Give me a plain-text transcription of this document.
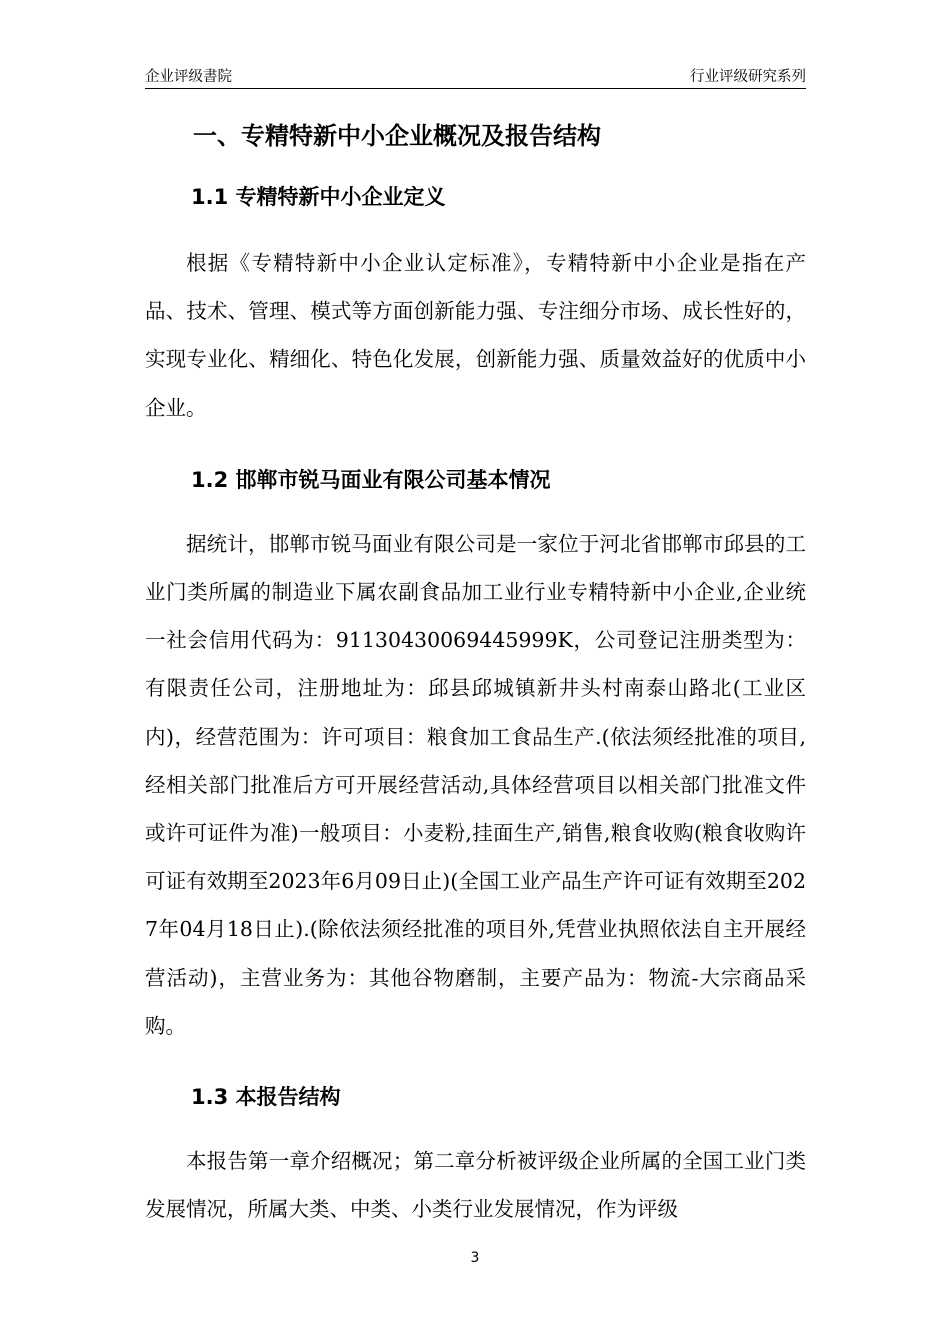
企业评级書院	行业评级研究系列
一、专精特新中小企业概况及报告结构
1.1 专精特新中小企业定义

根据《专精特新中小企业认定标准》，专精特新中小企业是指在产品、技术、管理、模式等方面创新能力强、专注细分市场、成长性好的，实现专业化、精细化、特色化发展，创新能力强、质量效益好的优质中小企业。

1.2 邯郸市锐马面业有限公司基本情况

据统计，邯郸市锐马面业有限公司是一家位于河北省邯郸市邱县的工业门类所属的制造业下属农副食品加工业行业专精特新中小企业,企业统一社会信用代码为：91130430069445999K，公司登记注册类型为：有限责任公司，注册地址为：邱县邱城镇新井头村南泰山路北(工业区内)，经营范围为：许可项目：粮食加工食品生产.(依法须经批准的项目,经相关部门批准后方可开展经营活动,具体经营项目以相关部门批准文件或许可证件为准)一般项目：小麦粉,挂面生产,销售,粮食收购(粮食收购许可证有效期至2023年6月09日止)(全国工业产品生产许可证有效期至2027年04月18日止).(除依法须经批准的项目外,凭营业执照依法自主开展经营活动)，主营业务为：其他谷物磨制，主要产品为：物流-大宗商品采购。

1.3 本报告结构

本报告第一章介绍概况；第二章分析被评级企业所属的全国工业门类发展情况，所属大类、中类、小类行业发展情况，作为评级

3
